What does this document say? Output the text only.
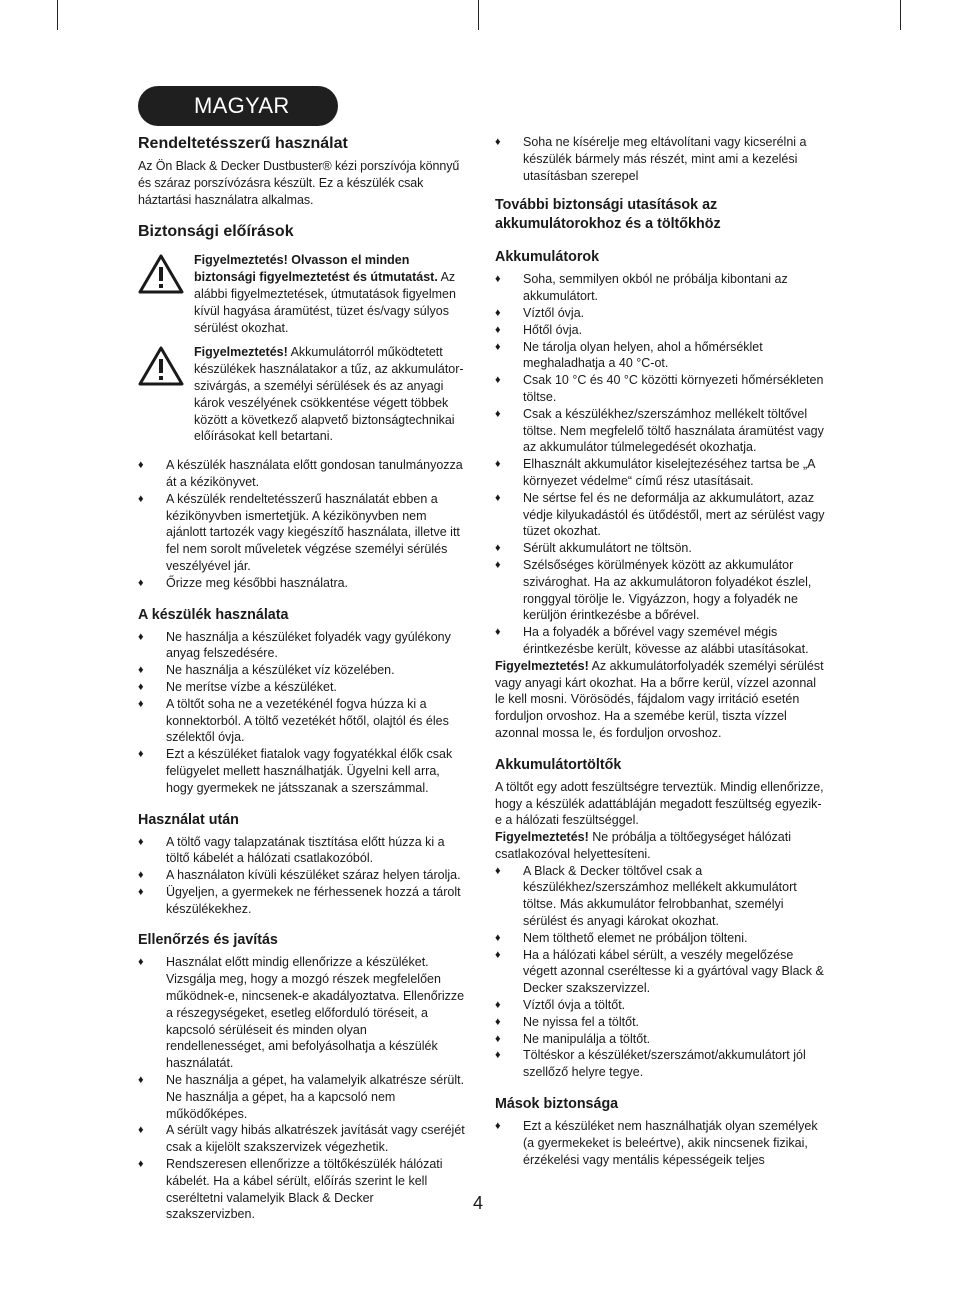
MAGYAR
Rendeltetésszerű használat

Az Ön Black & Decker Dustbuster® kézi porszívója könnyű és száraz porszívózásra készült. Ez a készülék csak háztartási használatra alkalmas.

Biztonsági előírások

Figyelmeztetés! Olvasson el minden biztonsági figyelmeztetést és útmutatást. Az alábbi figyelmeztetések, útmutatások figyelmen kívül hagyása áramütést, tüzet és/vagy súlyos sérülést okozhat.

Figyelmeztetés! Akkumulátorról működtetett készülékek használatakor a tűz, az akkumulátor-szivárgás, a személyi sérülések és az anyagi károk veszélyének csökkentése végett többek között a következő alapvető biztonságtechnikai előírásokat kell betartani.

♦ A készülék használata előtt gondosan tanulmányozza át a kézikönyvet.
♦ A készülék rendeltetésszerű használatát ebben a kézikönyvben ismertetjük. A kézikönyvben nem ajánlott tartozék vagy kiegészítő használata, illetve itt fel nem sorolt műveletek végzése személyi sérülés veszélyével jár.
♦ Őrizze meg későbbi használatra.
A készülék használata
♦ Ne használja a készüléket folyadék vagy gyúlékony anyag felszedésére.
♦ Ne használja a készüléket víz közelében.
♦ Ne merítse vízbe a készüléket.
♦ A töltőt soha ne a vezetékénél fogva húzza ki a konnektorból. A töltő vezetékét hőtől, olajtól és éles szélektől óvja.
♦ Ezt a készüléket fiatalok vagy fogyatékkal élők csak felügyelet mellett használhatják. Ügyelni kell arra, hogy gyermekek ne játsszanak a szerszámmal.
Használat után
♦ A töltő vagy talapzatának tisztítása előtt húzza ki a töltő kábelét a hálózati csatlakozóból.
♦ A használaton kívüli készüléket száraz helyen tárolja.
♦ Ügyeljen, a gyermekek ne férhessenek hozzá a tárolt készülékekhez.
Ellenőrzés és javítás
♦ Használat előtt mindig ellenőrizze a készüléket. Vizsgálja meg, hogy a mozgó részek megfelelően működnek-e, nincsenek-e akadályoztatva. Ellenőrizze a részegységeket, esetleg előforduló töréseit, a kapcsoló sérüléseit és minden olyan rendellenességet, ami befolyásolhatja a készülék használatát.
♦ Ne használja a gépet, ha valamelyik alkatrésze sérült. Ne használja a gépet, ha a kapcsoló nem működőképes.
♦ A sérült vagy hibás alkatrészek javítását vagy cseréjét csak a kijelölt szakszervizek végezhetik.
♦ Rendszeresen ellenőrizze a töltőkészülék hálózati kábelét. Ha a kábel sérült, előírás szerint le kell cseréltetni valamelyik Black & Decker szakszervizben.
♦ Soha ne kísérelje meg eltávolítani vagy kicserélni a készülék bármely más részét, mint ami a kezelési utasításban szerepel
További biztonsági utasítások az akkumulátorokhoz és a töltőkhöz
Akkumulátorok
♦ Soha, semmilyen okból ne próbálja kibontani az akkumulátort.
♦ Víztől óvja.
♦ Hőtől óvja.
♦ Ne tárolja olyan helyen, ahol a hőmérséklet meghaladhatja a 40 °C-ot.
♦ Csak 10 °C és 40 °C közötti környezeti hőmérsékleten töltse.
♦ Csak a készülékhez/szerszámhoz mellékelt töltővel töltse. Nem megfelelő töltő használata áramütést vagy az akkumulátor túlmelegedését okozhatja.
♦ Elhasznált akkumulátor kiselejtezéséhez tartsa be „A környezet védelme“ című rész utasításait.
♦ Ne sértse fel és ne deformálja az akkumulátort, azaz védje kilyukadástól és ütődéstől, mert az sérülést vagy tüzet okozhat.
♦ Sérült akkumulátort ne töltsön.
♦ Szélsőséges körülmények között az akkumulátor szivároghat. Ha az akkumulátoron folyadékot észlel, ronggyal törölje le. Vigyázzon, hogy a folyadék ne kerüljön érintkezésbe a bőrével.
♦ Ha a folyadék a bőrével vagy szemével mégis érintkezésbe került, kövesse az alábbi utasításokat.

Figyelmeztetés! Az akkumulátorfolyadék személyi sérülést vagy anyagi kárt okozhat. Ha a bőrre kerül, vízzel azonnal le kell mosni. Vörösödés, fájdalom vagy irritáció esetén forduljon orvoshoz. Ha a szemébe kerül, tiszta vízzel azonnal mossa le, és forduljon orvoshoz.

Akkumulátortöltők

A töltőt egy adott feszültségre terveztük. Mindig ellenőrizze, hogy a készülék adattábláján megadott feszültség egyezik-e a hálózati feszültséggel.

Figyelmeztetés! Ne próbálja a töltőegységet hálózati csatlakozóval helyettesíteni.

♦ A Black & Decker töltővel csak a készülékhez/szerszámhoz mellékelt akkumulátort töltse. Más akkumulátor felrobbanhat, személyi sérülést és anyagi károkat okozhat.
♦ Nem tölthető elemet ne próbáljon tölteni.
♦ Ha a hálózati kábel sérült, a veszély megelőzése végett azonnal cseréltesse ki a gyártóval vagy Black & Decker szakszervizzel.
♦ Víztől óvja a töltőt.
♦ Ne nyissa fel a töltőt.
♦ Ne manipulálja a töltőt.
♦ Töltéskor a készüléket/szerszámot/akkumulátort jól szellőző helyre tegye.
Mások biztonsága
♦ Ezt a készüléket nem használhatják olyan személyek (a gyermekeket is beleértve), akik nincsenek fizikai, érzékelési vagy mentális képességeik teljes
4
